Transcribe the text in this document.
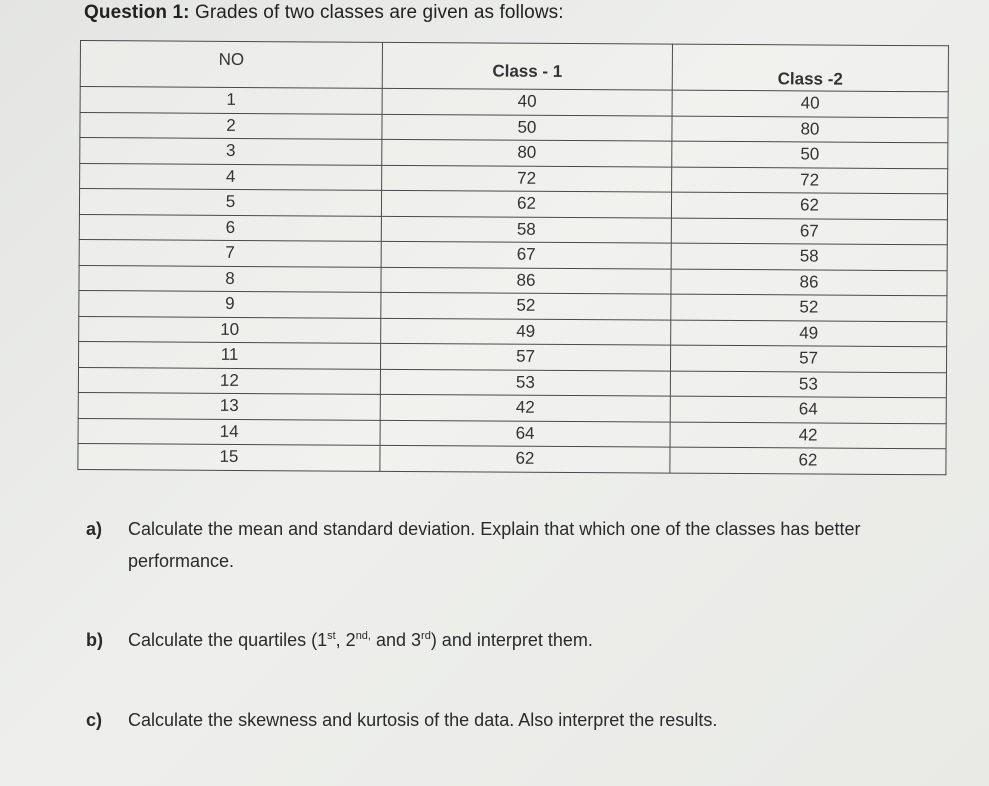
Question 1: Grades of two classes are given as follows:
NO	Class - 1	Class -2
1	40	40
2	50	80
3	80	50
4	72	72
5	62	62
6	58	67
7	67	58
8	86	86
9	52	52
10	49	49
11	57	57
12	53	53
13	42	64
14	64	42
15	62	62
a) Calculate the mean and standard deviation. Explain that which one of the classes has better performance.
b) Calculate the quartiles (1st, $2^{nd,}$ and 3rd) and interpret them.
c) Calculate the skewness and kurtosis of the data. Also interpret the results.
